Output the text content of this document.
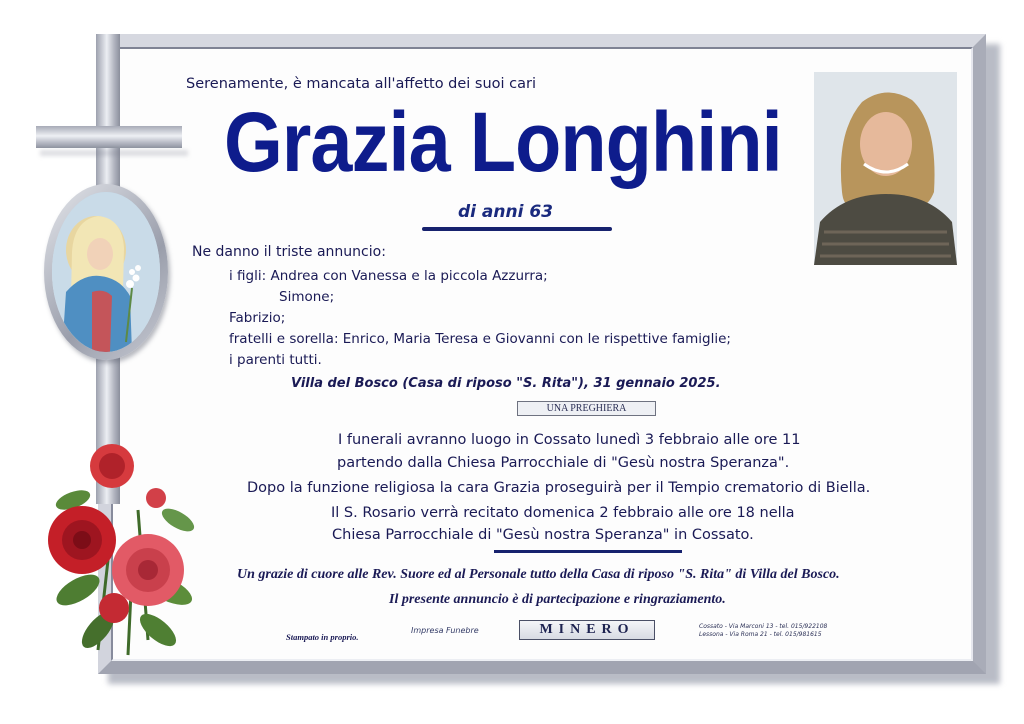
Serenamente, è mancata all'affetto dei suoi cari
Grazia Longhini
di anni 63
Ne danno il triste annuncio:
i figli: Andrea con Vanessa e la piccola Azzurra;
Simone;
Fabrizio;
fratelli e sorella: Enrico, Maria Teresa e Giovanni con le rispettive famiglie;
i parenti tutti.
Villa del Bosco (Casa di riposo "S. Rita"), 31 gennaio 2025.
UNA PREGHIERA
I funerali avranno luogo in Cossato lunedì 3 febbraio alle ore 11
partendo dalla Chiesa Parrocchiale di "Gesù nostra Speranza".
Dopo la funzione religiosa la cara Grazia proseguirà per il Tempio crematorio di Biella.
Il S. Rosario verrà recitato domenica 2 febbraio alle ore 18 nella
Chiesa Parrocchiale di "Gesù nostra Speranza" in Cossato.
Un grazie di cuore alle Rev. Suore ed al Personale tutto della Casa di riposo "S. Rita" di Villa del Bosco.
Il presente annuncio è di partecipazione e ringraziamento.
Stampato in proprio.
Impresa Funebre	MINERO	Cossato - Via Marconi 13 - tel. 015/922108
Lessona - Via Roma 21 - tel. 015/981615
